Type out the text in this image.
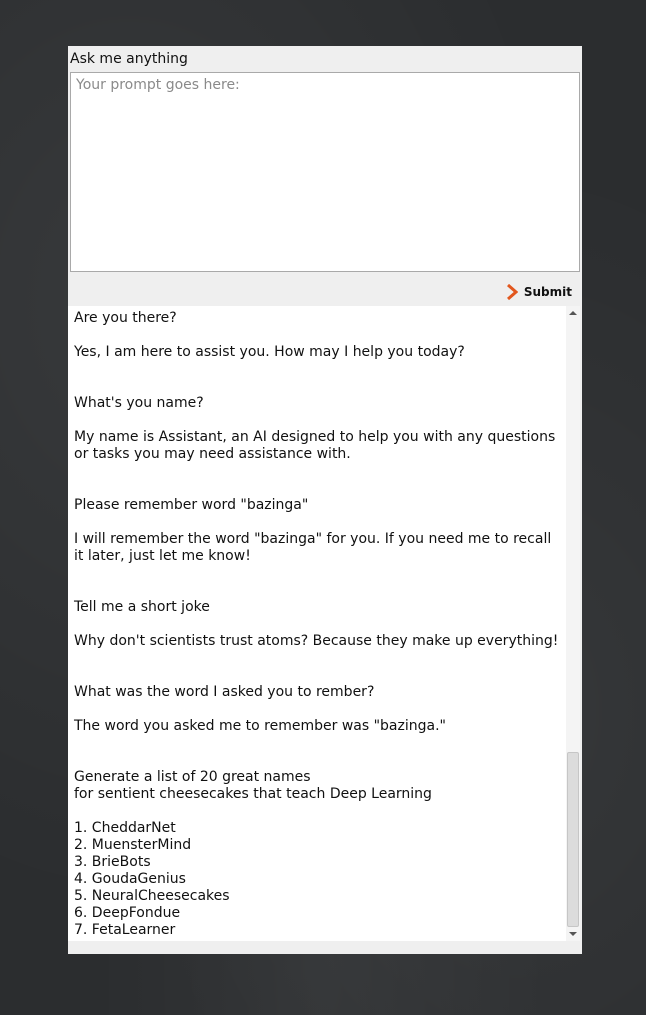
Ask me anything
Your prompt goes here:
Submit

Are you there?

Yes, I am here to assist you. How may I help you today?

What's you name?

My name is Assistant, an AI designed to help you with any questions or tasks you may need assistance with.

Please remember word "bazinga"

I will remember the word "bazinga" for you. If you need me to recall it later, just let me know!

Tell me a short joke

Why don't scientists trust atoms? Because they make up everything!

What was the word I asked you to rember?

The word you asked me to remember was "bazinga."

Generate a list of 20 great names
for sentient cheesecakes that teach Deep Learning

1. CheddarNet
2. MuensterMind
3. BrieBots
4. GoudaGenius
5. NeuralCheesecakes
6. DeepFondue
7. FetaLearner
